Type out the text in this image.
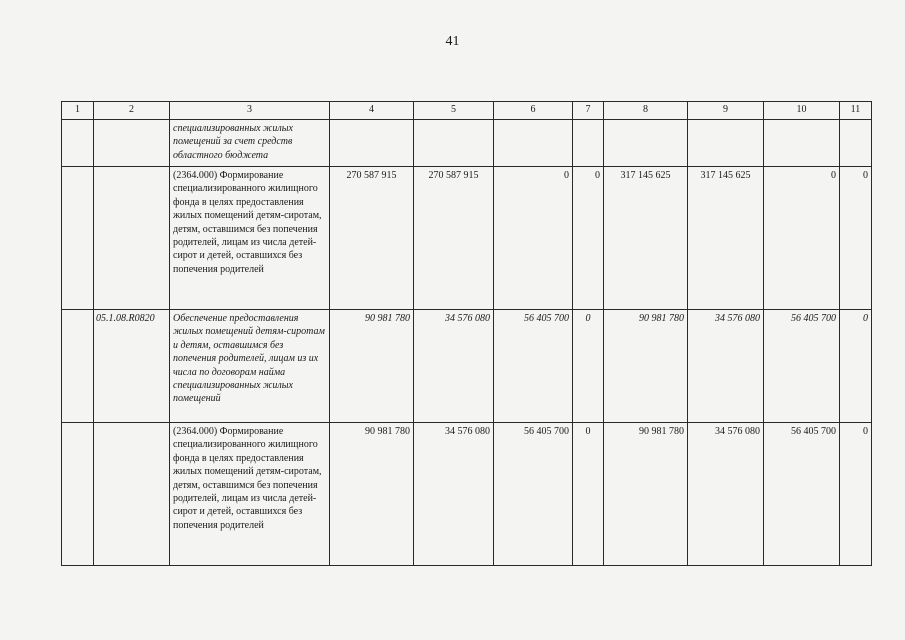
41
1	2	3	4	5	6	7	8	9	10	11
		специализированных жилых помещений за счет средств областного бюджета								
		(2364.000) Формирование специализированного жилищного фонда в целях предоставления жилых помещений детям-сиротам, детям, оставшимся без попечения родителей, лицам из числа детей-сирот и детей, оставшихся без попечения родителей	270 587 915	270 587 915	0	0	317 145 625	317 145 625	0	0
	05.1.08.R0820	Обеспечение предоставления жилых помещений детям-сиротам и детям, оставшимся без попечения родителей, лицам из их числа по договорам найма специализированных жилых помещений	90 981 780	34 576 080	56 405 700	0	90 981 780	34 576 080	56 405 700	0
		(2364.000) Формирование специализированного жилищного фонда в целях предоставления жилых помещений детям-сиротам, детям, оставшимся без попечения родителей, лицам из числа детей-сирот и детей, оставшихся без попечения родителей	90 981 780	34 576 080	56 405 700	0	90 981 780	34 576 080	56 405 700	0
